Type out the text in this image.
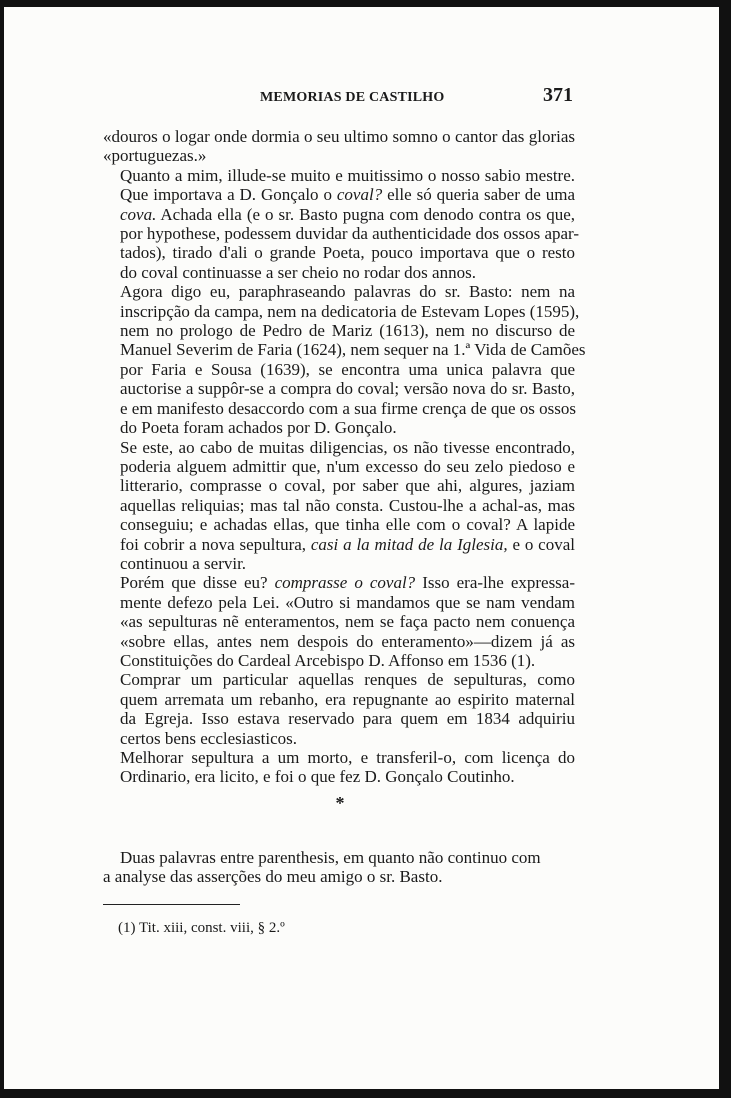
MEMORIAS DE CASTILHO	371

«douros o logar onde dormia o seu ultimo somno o cantor das glorias
«portuguezas.»

Quanto a mim, illude-se muito e muitissimo o nosso sabio mestre.
Que importava a D. Gonçalo o coval? elle só queria saber de uma
cova. Achada ella (e o sr. Basto pugna com denodo contra os que,
por hypothese, podessem duvidar da authenticidade dos ossos apar-
tados), tirado d'ali o grande Poeta, pouco importava que o resto
do coval continuasse a ser cheio no rodar dos annos.

Agora digo eu, paraphraseando palavras do sr. Basto: nem na
inscripção da campa, nem na dedicatoria de Estevam Lopes (1595),
nem no prologo de Pedro de Mariz (1613), nem no discurso de
Manuel Severim de Faria (1624), nem sequer na 1.ª Vida de Camões
por Faria e Sousa (1639), se encontra uma unica palavra que
auctorise a suppôr-se a compra do coval; versão nova do sr. Basto,
e em manifesto desaccordo com a sua firme crença de que os ossos
do Poeta foram achados por D. Gonçalo.

Se este, ao cabo de muitas diligencias, os não tivesse encontrado,
poderia alguem admittir que, n'um excesso do seu zelo piedoso e
litterario, comprasse o coval, por saber que ahi, algures, jaziam
aquellas reliquias; mas tal não consta. Custou-lhe a achal-as, mas
conseguiu; e achadas ellas, que tinha elle com o coval? A lapide
foi cobrir a nova sepultura, casi a la mitad de la Iglesia, e o coval
continuou a servir.

Porém que disse eu? comprasse o coval? Isso era-lhe expressa-
mente defezo pela Lei. «Outro si mandamos que se nam vendam
«as sepulturas nẽ enteramentos, nem se faça pacto nem conuença
«sobre ellas, antes nem despois do enteramento»—dizem já as
Constituições do Cardeal Arcebispo D. Affonso em 1536 (1).

Comprar um particular aquellas renques de sepulturas, como
quem arremata um rebanho, era repugnante ao espirito maternal
da Egreja. Isso estava reservado para quem em 1834 adquiriu
certos bens ecclesiasticos.

Melhorar sepultura a um morto, e transferil-o, com licença do
Ordinario, era licito, e foi o que fez D. Gonçalo Coutinho.

*
Duas palavras entre parenthesis, em quanto não continuo com
a analyse das asserções do meu amigo o sr. Basto.
(1) Tit. xiii, const. viii, § 2.º
